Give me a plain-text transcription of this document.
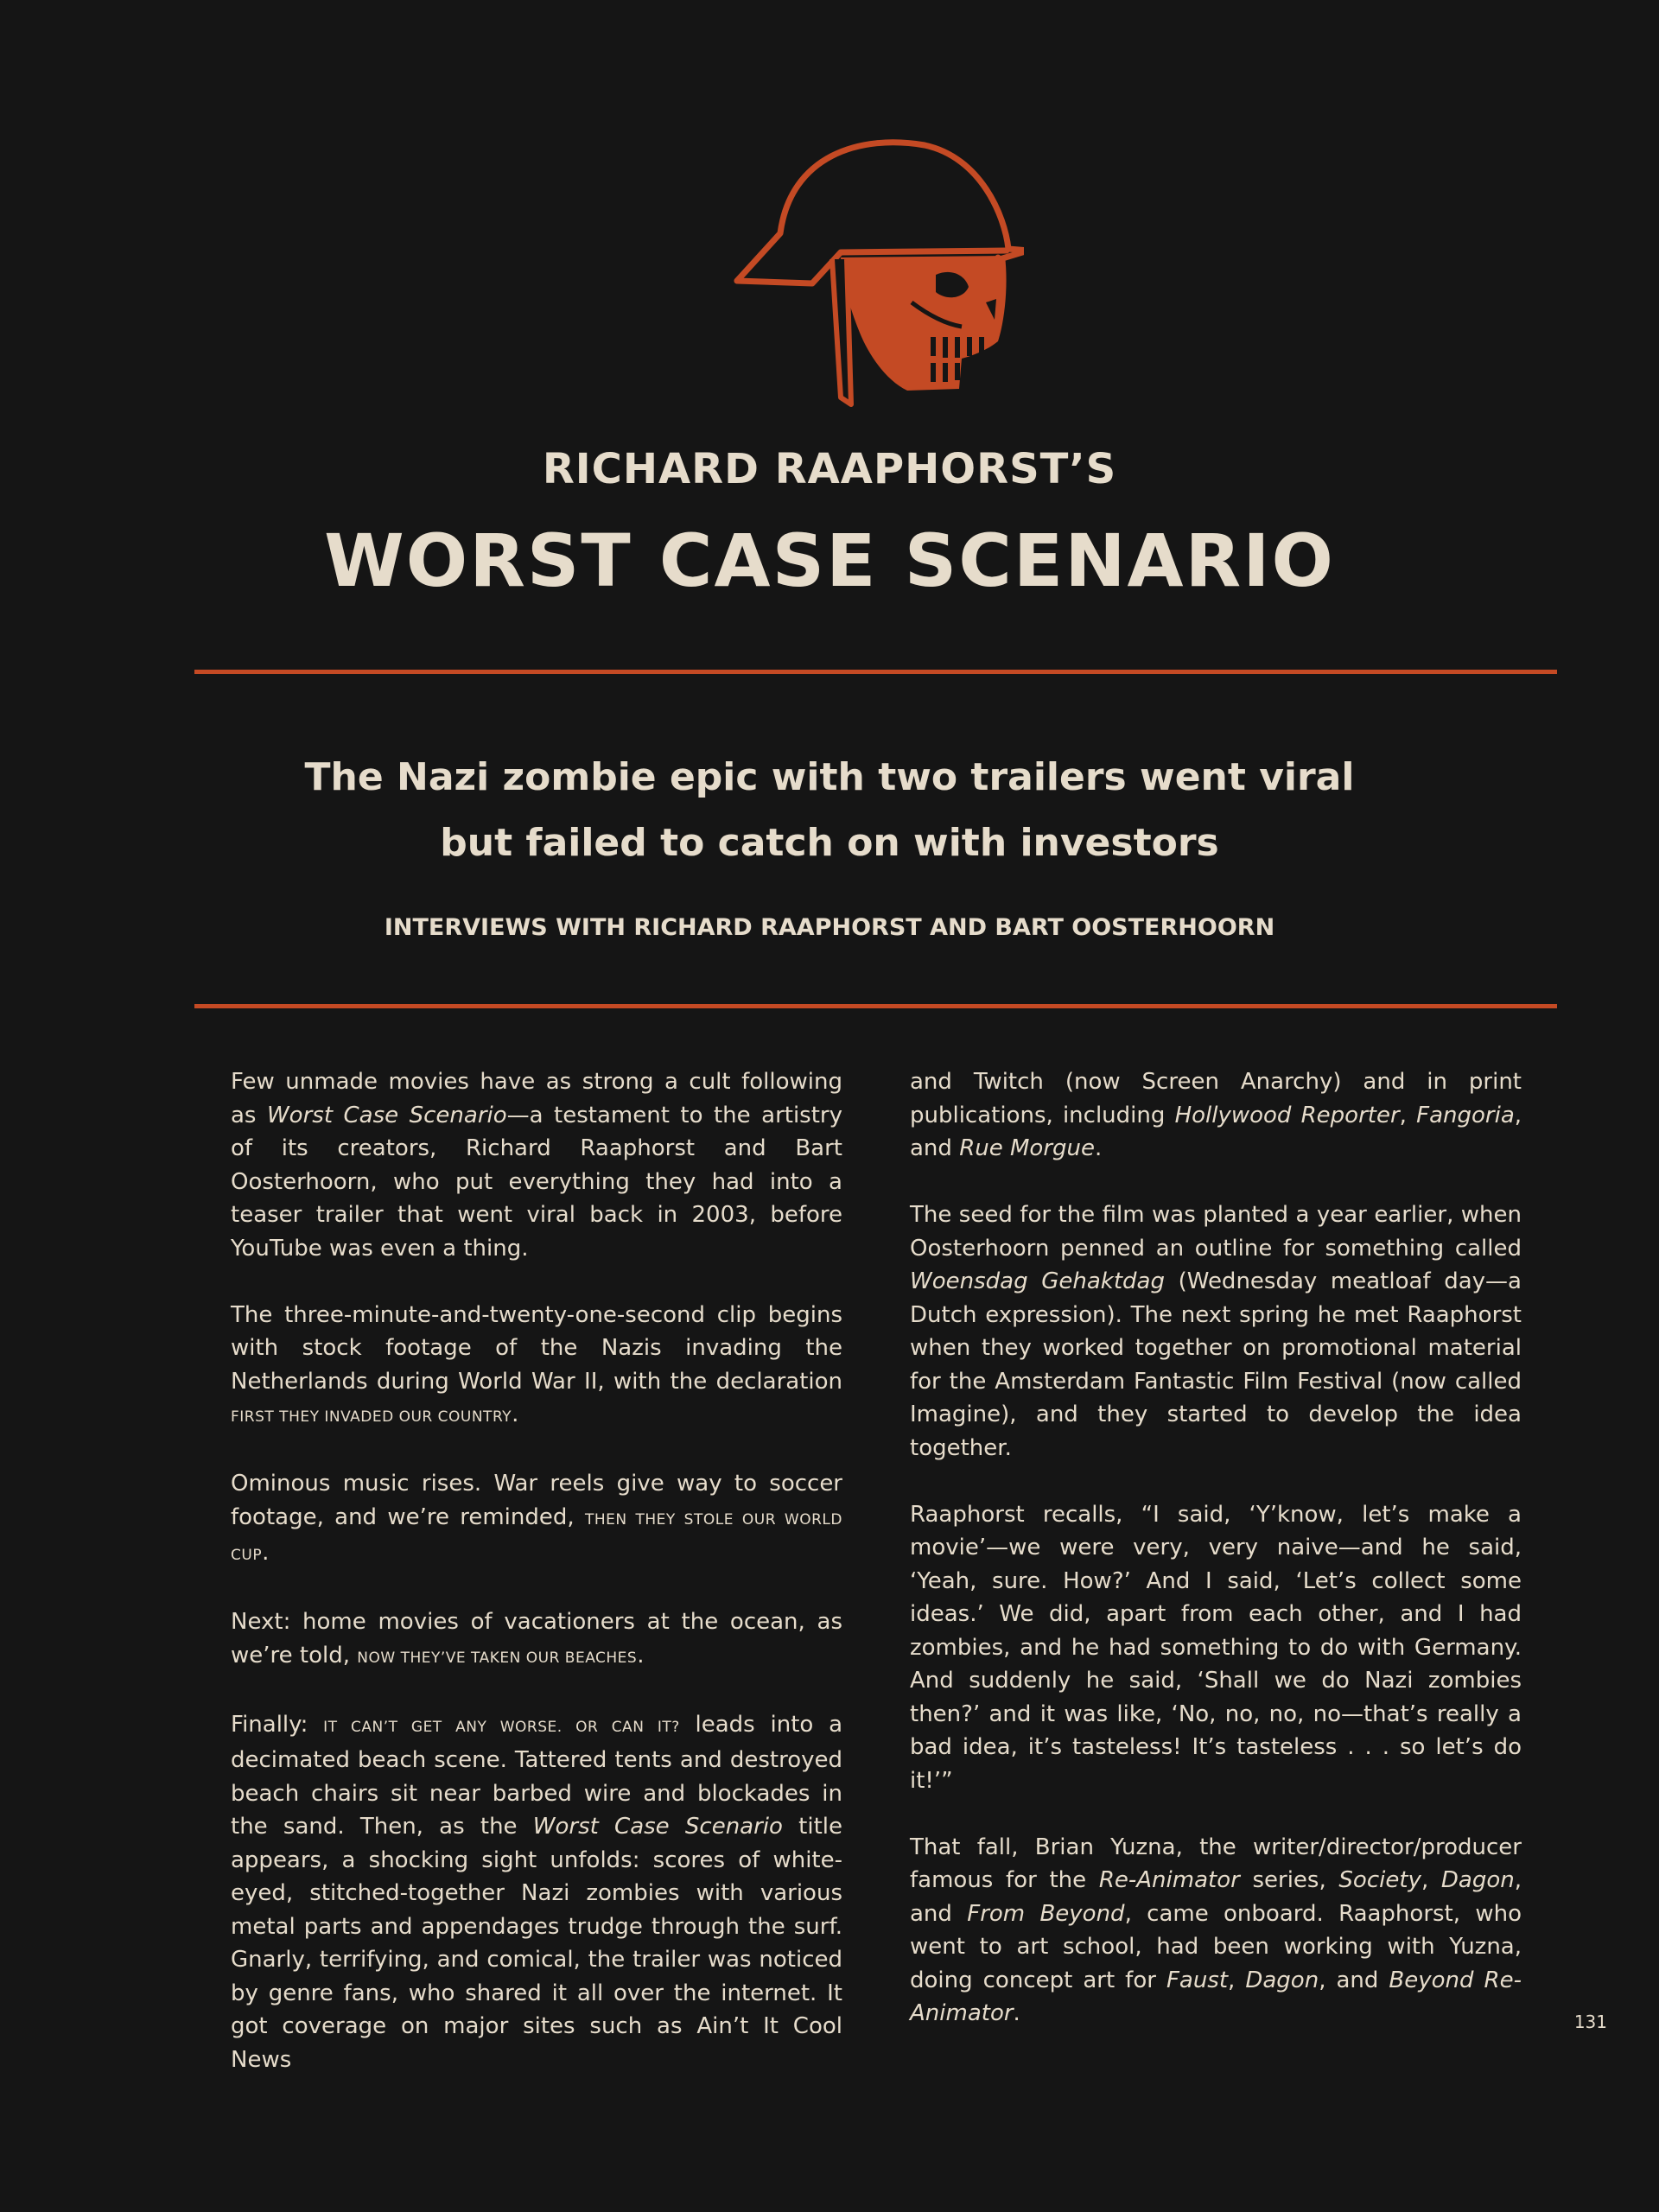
RICHARD RAAPHORST’S
WORST CASE SCENARIO
The Nazi zombie epic with two trailers went viral
but failed to catch on with investors
INTERVIEWS WITH RICHARD RAAPHORST AND BART OOSTERHOORN

Few unmade movies have as strong a cult following as Worst Case Scenario—a testament to the artistry of its creators, Richard Raaphorst and Bart Oosterhoorn, who put everything they had into a teaser trailer that went viral back in 2003, before YouTube was even a thing.

The three-minute-and-twenty-one-second clip begins with stock footage of the Nazis invading the Netherlands during World War II, with the declaration FIRST THEY INVADED OUR COUNTRY.

Ominous music rises. War reels give way to soccer footage, and we’re reminded, THEN THEY STOLE OUR WORLD CUP.

Next: home movies of vacationers at the ocean, as we’re told, NOW THEY’VE TAKEN OUR BEACHES.

Finally: IT CAN’T GET ANY WORSE. OR CAN IT? leads into a decimated beach scene. Tattered tents and destroyed beach chairs sit near barbed wire and blockades in the sand. Then, as the Worst Case Scenario title appears, a shocking sight unfolds: scores of white-eyed, stitched-together Nazi zombies with various metal parts and appendages trudge through the surf. Gnarly, terrifying, and comical, the trailer was noticed by genre fans, who shared it all over the internet. It got coverage on major sites such as Ain’t It Cool News

and Twitch (now Screen Anarchy) and in print publications, including Hollywood Reporter, Fangoria, and Rue Morgue.

The seed for the film was planted a year earlier, when Oosterhoorn penned an outline for something called Woensdag Gehaktdag (Wednesday meatloaf day—a Dutch expression). The next spring he met Raaphorst when they worked together on promotional material for the Amsterdam Fantastic Film Festival (now called Imagine), and they started to develop the idea together.

Raaphorst recalls, “I said, ‘Y’know, let’s make a movie’—we were very, very naive—and he said, ‘Yeah, sure. How?’ And I said, ‘Let’s collect some ideas.’ We did, apart from each other, and I had zombies, and he had something to do with Germany. And suddenly he said, ‘Shall we do Nazi zombies then?’ and it was like, ‘No, no, no, no—that’s really a bad idea, it’s tasteless! It’s tasteless . . . so let’s do it!’”

That fall, Brian Yuzna, the writer/director/producer famous for the Re-Animator series, Society, Dagon, and From Beyond, came onboard. Raaphorst, who went to art school, had been working with Yuzna, doing concept art for Faust, Dagon, and Beyond Re-Animator.	131
